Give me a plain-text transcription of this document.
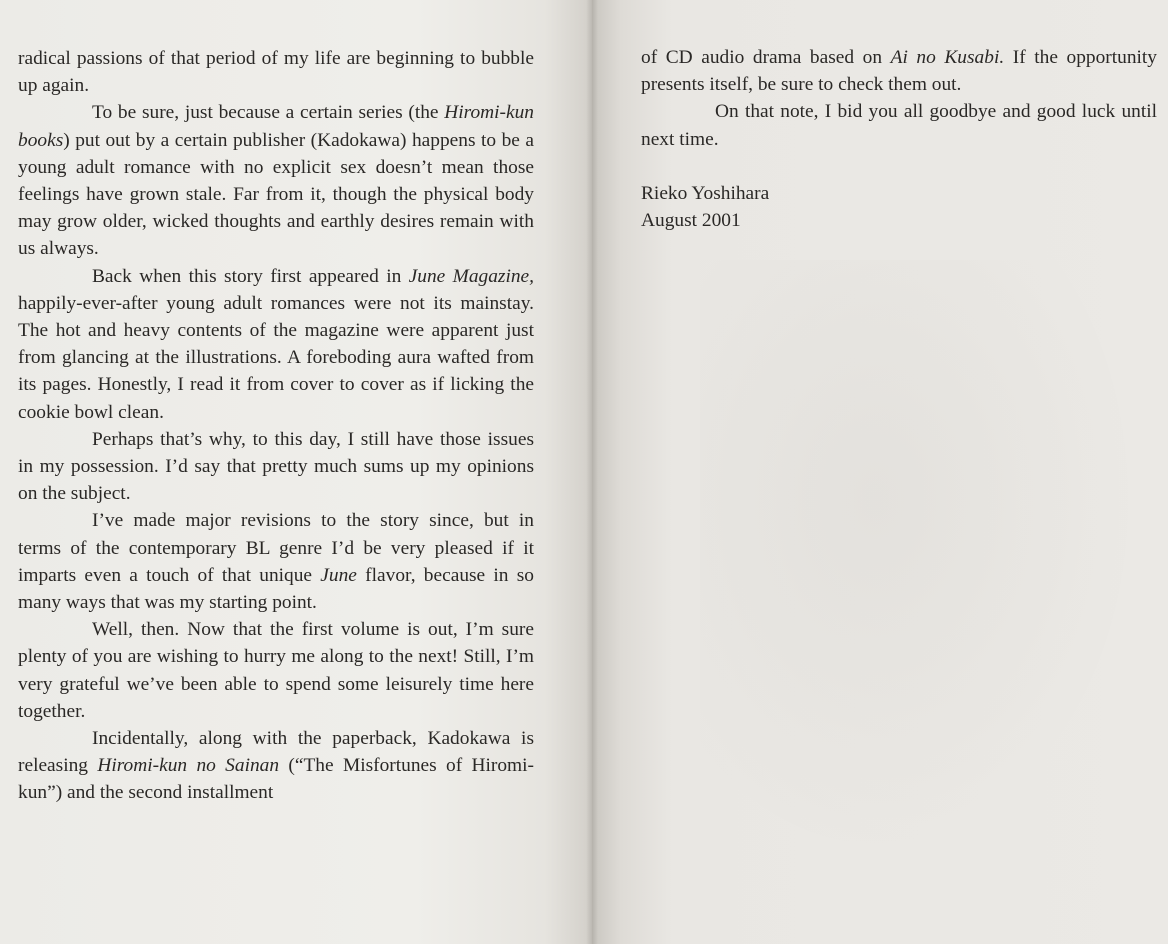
radical passions of that period of my life are beginning to bubble up again.

To be sure, just because a certain series (the Hiromi-kun books) put out by a certain publisher (Kadokawa) happens to be a young adult romance with no explicit sex doesn’t mean those feelings have grown stale. Far from it, though the physical body may grow older, wicked thoughts and earthly desires remain with us always.

Back when this story first appeared in June Magazine, happily-ever-after young adult romances were not its mainstay. The hot and heavy contents of the magazine were apparent just from glancing at the illustrations. A foreboding aura wafted from its pages. Honestly, I read it from cover to cover as if licking the cookie bowl clean.

Perhaps that’s why, to this day, I still have those issues in my possession. I’d say that pretty much sums up my opinions on the subject.

I’ve made major revisions to the story since, but in terms of the contemporary BL genre I’d be very pleased if it imparts even a touch of that unique June flavor, because in so many ways that was my starting point.

Well, then. Now that the first volume is out, I’m sure plenty of you are wishing to hurry me along to the next! Still, I’m very grateful we’ve been able to spend some leisurely time here together.

Incidentally, along with the paperback, Kadokawa is releasing Hiromi-kun no Sainan (“The Misfortunes of Hiromi-kun”) and the second installment

of CD audio drama based on Ai no Kusabi. If the opportunity presents itself, be sure to check them out.

On that note, I bid you all goodbye and good luck until next time.

Rieko Yoshihara
August 2001
